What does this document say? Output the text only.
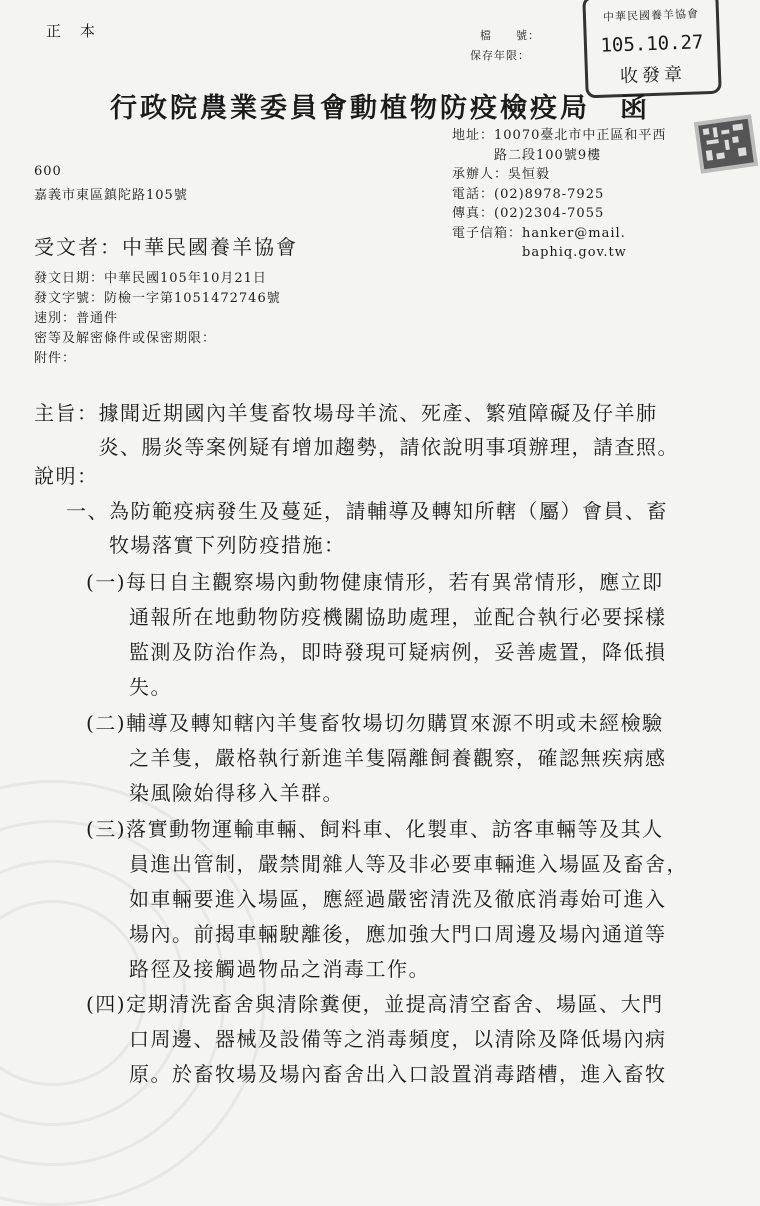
正　本	檔　　號：
保存年限：
中華民國養羊協會
105.10.27
收發章
行政院農業委員會動植物防疫檢疫局　函
地址：10070臺北市中正區和平西
　　　路二段100號9樓
承辦人：吳恒毅
電話：(02)8978-7925
傳真：(02)2304-7055
電子信箱：hanker@mail.
　　　　　baphiq.gov.tw
600
嘉義市東區鎮陀路105號
受文者：中華民國養羊協會
發文日期：中華民國105年10月21日
發文字號：防檢一字第1051472746號
速別：普通件
密等及解密條件或保密期限：
附件：
主旨：據聞近期國內羊隻畜牧場母羊流、死產、繁殖障礙及仔羊肺
　　　炎、腸炎等案例疑有增加趨勢，請依說明事項辦理，請查照。
說明：
一、為防範疫病發生及蔓延，請輔導及轉知所轄（屬）會員、畜
　　牧場落實下列防疫措施：
(一)每日自主觀察場內動物健康情形，若有異常情形，應立即
　　通報所在地動物防疫機關協助處理，並配合執行必要採樣
　　監測及防治作為，即時發現可疑病例，妥善處置，降低損
　　失。
(二)輔導及轉知轄內羊隻畜牧場切勿購買來源不明或未經檢驗
　　之羊隻，嚴格執行新進羊隻隔離飼養觀察，確認無疾病感
　　染風險始得移入羊群。
(三)落實動物運輸車輛、飼料車、化製車、訪客車輛等及其人
　　員進出管制，嚴禁閒雜人等及非必要車輛進入場區及畜舍，
　　如車輛要進入場區，應經過嚴密清洗及徹底消毒始可進入
　　場內。前揭車輛駛離後，應加強大門口周邊及場內通道等
　　路徑及接觸過物品之消毒工作。
(四)定期清洗畜舍與清除糞便，並提高清空畜舍、場區、大門
　　口周邊、器械及設備等之消毒頻度，以清除及降低場內病
　　原。於畜牧場及場內畜舍出入口設置消毒踏槽，進入畜牧
